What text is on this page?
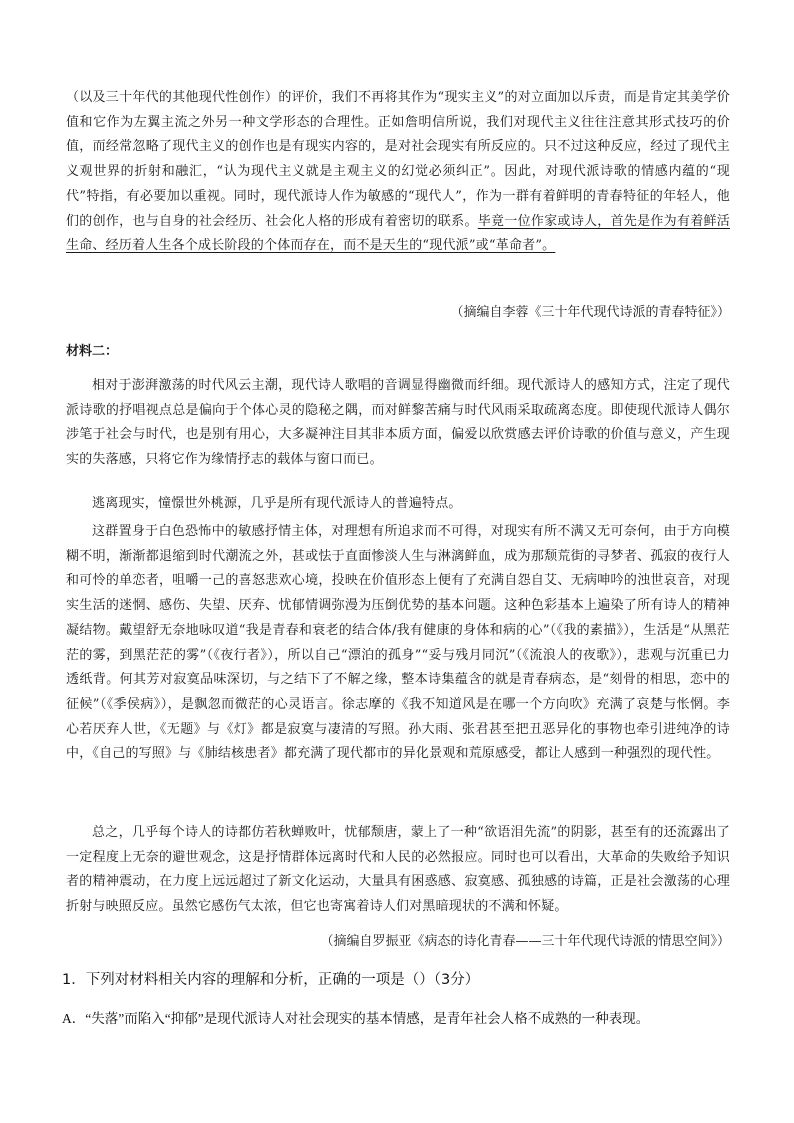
（以及三十年代的其他现代性创作）的评价，我们不再将其作为“现实主义”的对立面加以斥责，而是肯定其美学价值和它作为左翼主流之外另一种文学形态的合理性。正如詹明信所说，我们对现代主义往往注意其形式技巧的价值，而经常忽略了现代主义的创作也是有现实内容的，是对社会现实有所反应的。只不过这种反应，经过了现代主义观世界的折射和融汇，“认为现代主义就是主观主义的幻觉必须纠正”。因此，对现代派诗歌的情感内蕴的“现代”特指，有必要加以重视。同时，现代派诗人作为敏感的“现代人”，作为一群有着鲜明的青春特征的年轻人，他们的创作，也与自身的社会经历、社会化人格的形成有着密切的联系。毕竟一位作家或诗人，首先是作为有着鲜活生命、经历着人生各个成长阶段的个体而存在，而不是天生的“现代派”或“革命者”。

（摘编自李蓉《三十年代现代诗派的青春特征》）

材料二：

相对于澎湃激荡的时代风云主潮，现代诗人歌唱的音调显得幽微而纤细。现代派诗人的感知方式，注定了现代派诗歌的抒唱视点总是偏向于个体心灵的隐秘之隅，而对鲜黎苦痛与时代风雨采取疏离态度。即使现代派诗人偶尔涉笔于社会与时代，也是别有用心，大多凝神注目其非本质方面，偏爱以欣赏感去评价诗歌的价值与意义，产生现实的失落感，只将它作为缘情抒志的载体与窗口而已。

逃离现实，憧憬世外桃源，几乎是所有现代派诗人的普遍特点。

这群置身于白色恐怖中的敏感抒情主体，对理想有所追求而不可得，对现实有所不满又无可奈何，由于方向模糊不明，渐渐都退缩到时代潮流之外，甚或怯于直面惨淡人生与淋漓鲜血，成为那颓荒街的寻梦者、孤寂的夜行人和可怜的单恋者，咀嚼一己的喜怒悲欢心境，投映在价值形态上便有了充满自怨自艾、无病呻吟的浊世哀音，对现实生活的迷惘、感伤、失望、厌弃、忧郁情调弥漫为压倒优势的基本问题。这种色彩基本上遍染了所有诗人的精神凝结物。戴望舒无奈地咏叹道“我是青春和衰老的结合体/我有健康的身体和病的心”（《我的素描》），生活是“从黑茫茫的雾，到黑茫茫的雾”（《夜行者》），所以自己“漂泊的孤身”“妥与残月同沉”（《流浪人的夜歌》），悲观与沉重已力透纸背。何其芳对寂寞品味深切，与之结下了不解之缘，整本诗集蕴含的就是青春病态，是“刻骨的相思，恋中的征候”（《季侯病》），是飘忽而微茫的心灵语言。徐志摩的《我不知道风是在哪一个方向吹》充满了哀楚与怅惘。李心若厌弃人世，《无题》与《灯》都是寂寞与凄清的写照。孙大雨、张君甚至把丑恶异化的事物也牵引进纯净的诗中，《自己的写照》与《肺结核患者》都充满了现代都市的异化景观和荒原感受，都让人感到一种强烈的现代性。

总之，几乎每个诗人的诗都仿若秋蝉败叶，忧郁颓唐，蒙上了一种“欲语泪先流”的阴影，甚至有的还流露出了一定程度上无奈的避世观念，这是抒情群体远离时代和人民的必然报应。同时也可以看出，大革命的失败给予知识者的精神震动，在力度上远远超过了新文化运动，大量具有困惑感、寂寞感、孤独感的诗篇，正是社会激荡的心理折射与映照反应。虽然它感伤气太浓，但它也寄寓着诗人们对黑暗现状的不满和怀疑。

（摘编自罗振亚《病态的诗化青春——三十年代现代诗派的情思空间》）

1．下列对材料相关内容的理解和分析，正确的一项是（）（3分）

A．“失落”而陷入“抑郁”是现代派诗人对社会现实的基本情感，是青年社会人格不成熟的一种表现。
